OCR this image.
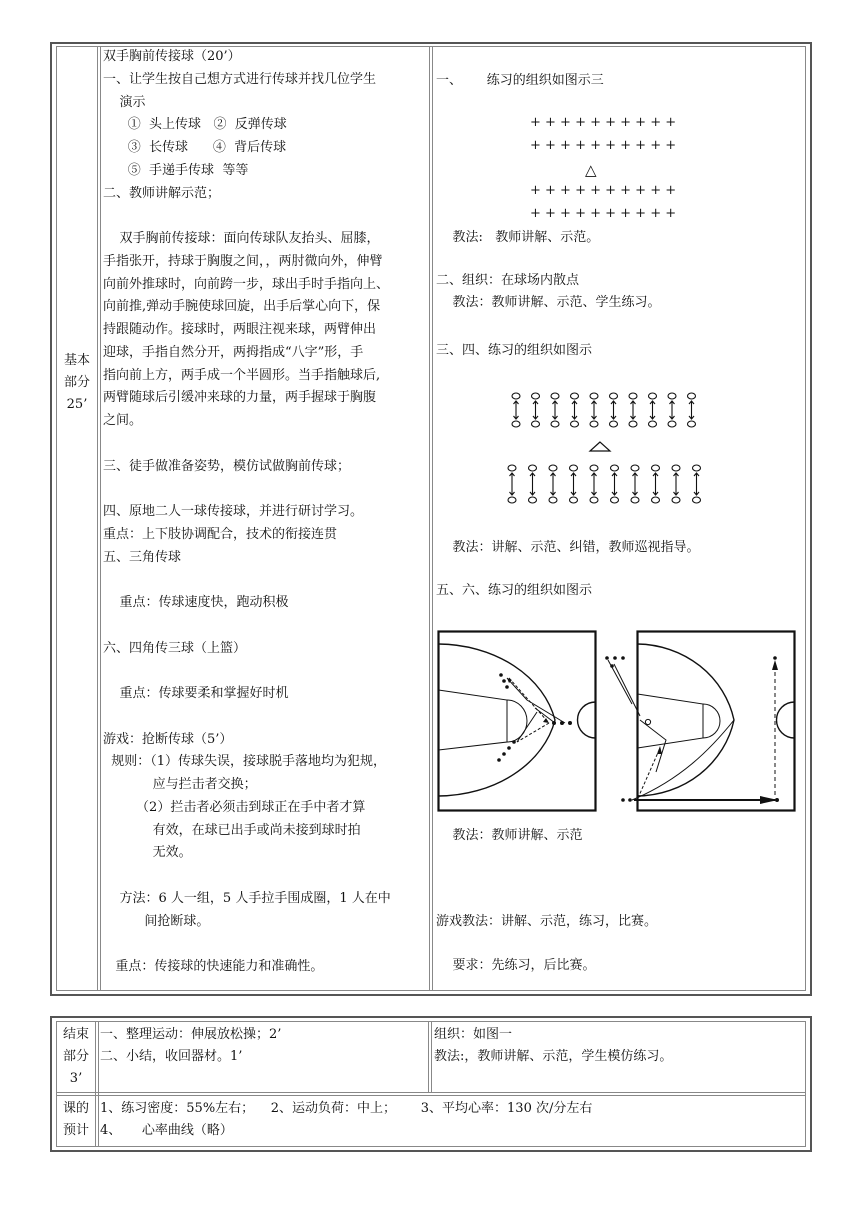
基本
部分
25’
双手胸前传接球（20’）
一、让学生按自己想方式进行传球并找几位学生
演示
①  头上传球   ②  反弹传球
③  长传球      ④  背后传球
⑤  手递手传球  等等
二、教师讲解示范；
双手胸前传接球：面向传球队友抬头、屈膝，
手指张开，持球于胸腹之间，，两肘微向外，伸臂
向前外推球时，向前跨一步，球出手时手指向上、
向前推,弹动手腕使球回旋，出手后掌心向下，保
持跟随动作。接球时，两眼注视来球，两臂伸出
迎球，手指自然分开，两拇指成“八字”形，手
指向前上方，两手成一个半圆形。当手指触球后,
两臂随球后引缓冲来球的力量，两手握球于胸腹
之间。
三、徒手做准备姿势，模仿试做胸前传球；
四、原地二人一球传接球，并进行研讨学习。
重点：上下肢协调配合，技术的衔接连贯
五、三角传球
重点：传球速度快，跑动积极
六、四角传三球（上篮）
重点：传球要柔和掌握好时机
游戏：抢断传球（5’）
规则：（1）传球失误，接球脱手落地均为犯规，
应与拦击者交换；
（2）拦击者必须击到球正在手中者才算
有效，在球已出手或尚未接到球时拍
无效。
方法：6 人一组，5 人手拉手围成圈，1 人在中
间抢断球。
重点：传接球的快速能力和准确性。
一、      练习的组织如图示三
+ + + + + + + + + +
+ + + + + + + + + +
△
+ + + + + + + + + +
+ + + + + + + + + +
教法:   教师讲解、示范。
二、组织：在球场内散点
教法：教师讲解、示范、学生练习。
三、四、练习的组织如图示
教法：讲解、示范、纠错，教师巡视指导。
五、六、练习的组织如图示
教法：教师讲解、示范
游戏教法：讲解、示范，练习，比赛。
要求：先练习，后比赛。
结束
部分
3’
一、整理运动：伸展放松操；2’
二、小结，收回器材。1’
组织：如图一
教法:，教师讲解、示范，学生模仿练习。
课的
预计
1、练习密度：55%左右；    2、运动负荷：中上；      3、平均心率：130 次/分左右
4、     心率曲线（略）
